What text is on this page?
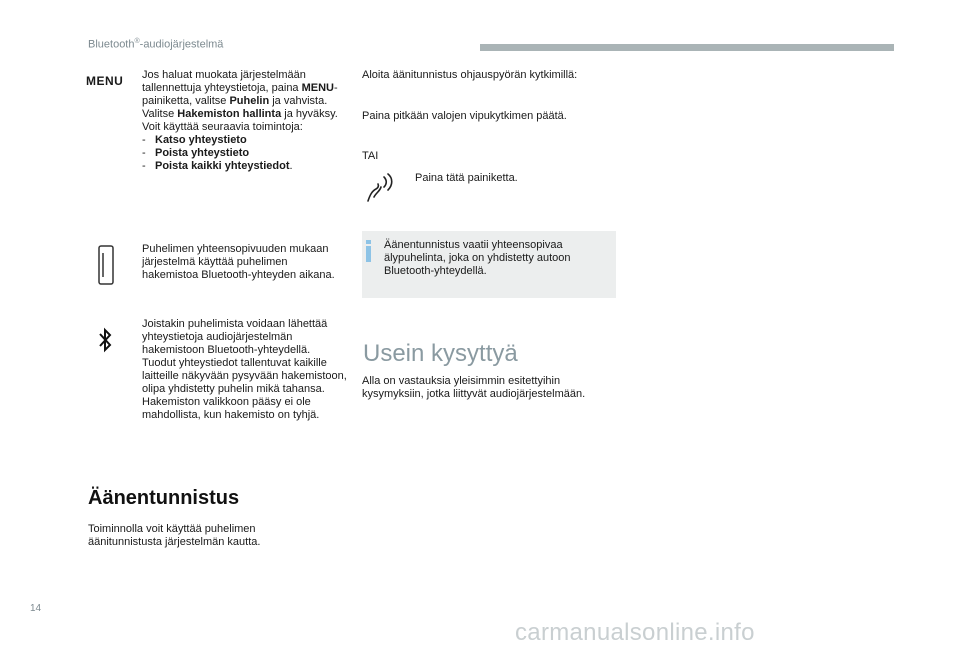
Bluetooth®-audiojärjestelmä
MENU Jos haluat muokata järjestelmään tallennettuja yhteystietoja, paina MENU-painiketta, valitse Puhelin ja vahvista.
Valitse Hakemiston hallinta ja hyväksy.
Voit käyttää seuraavia toimintoja:
- Katso yhteystieto
- Poista yhteystieto
- Poista kaikki yhteystiedot.
Puhelimen yhteensopivuuden mukaan järjestelmä käyttää puhelimen hakemistoa Bluetooth-yhteyden aikana.
Joistakin puhelimista voidaan lähettää yhteystietoja audiojärjestelmän hakemistoon Bluetooth-yhteydellä.
Tuodut yhteystiedot tallentuvat kaikille laitteille näkyvään pysyvään hakemistoon, olipa yhdistetty puhelin mikä tahansa.
Hakemiston valikkoon pääsy ei ole mahdollista, kun hakemisto on tyhjä.
Äänentunnistus
Toiminnolla voit käyttää puhelimen äänitunnistusta järjestelmän kautta.
Aloita äänitunnistus ohjauspyörän kytkimillä:
Paina pitkään valojen vipukytkimen päätä.
TAI
Paina tätä painiketta.
Äänentunnistus vaatii yhteensopivaa älypuhelinta, joka on yhdistetty autoon Bluetooth-yhteydellä.
Usein kysyttyä
Alla on vastauksia yleisimmin esitettyihin kysymyksiin, jotka liittyvät audiojärjestelmään.
14
carmanualsonline.info
